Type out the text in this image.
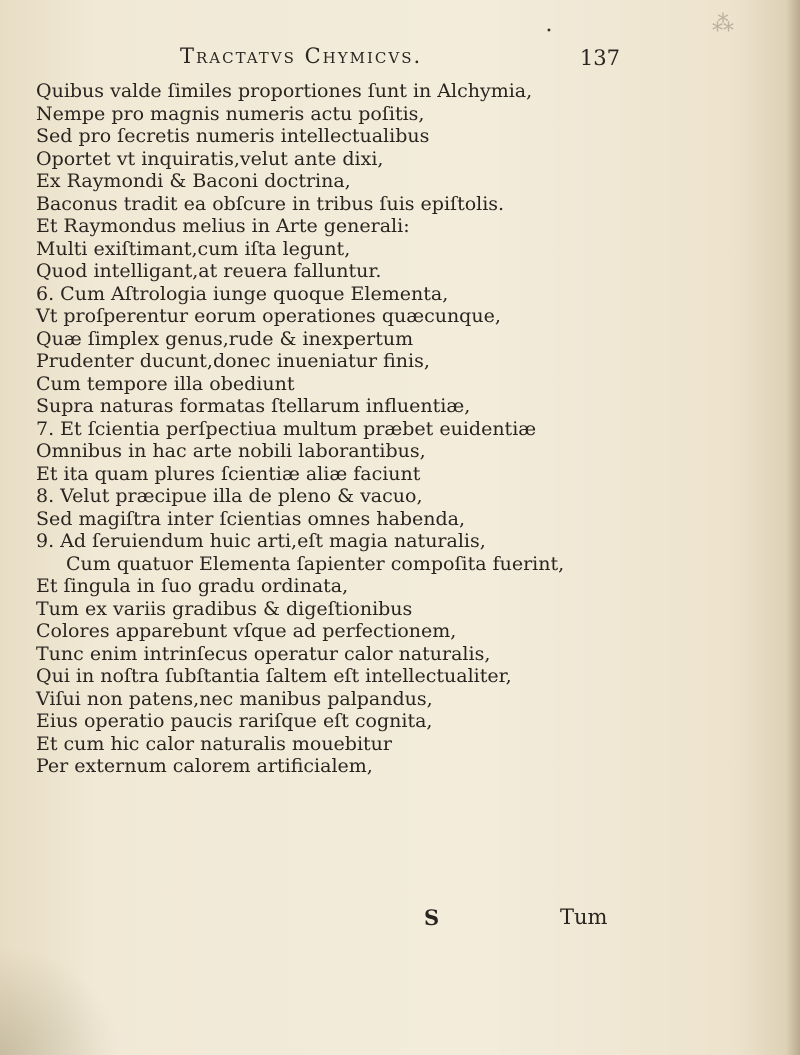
⁂
•
Tractatvs Chymicvs.	137
Quibus valde ſimiles proportiones ſunt in Alchymia,
Nempe pro magnis numeris actu poſitis,
Sed pro ſecretis numeris intellectualibus
Oportet vt inquiratis,velut ante dixi,
Ex Raymondi & Baconi doctrina,
Baconus tradit ea obſcure in tribus ſuis epiſtolis.
Et Raymondus melius in Arte generali:
Multi exiſtimant,cum iſta legunt,
Quod intelligant,at reuera falluntur.
6. Cum Aſtrologia iunge quoque Elementa,
Vt proſperentur eorum operationes quæcunque,
Quæ ſimplex genus,rude & inexpertum
Prudenter ducunt,donec inueniatur finis,
Cum tempore illa obediunt
Supra naturas formatas ſtellarum influentiæ,
7. Et ſcientia perſpectiua multum præbet euidentiæ
Omnibus in hac arte nobili laborantibus,
Et ita quam plures ſcientiæ aliæ faciunt
8. Velut præcipue illa de pleno & vacuo,
Sed magiſtra inter ſcientias omnes habenda,
9. Ad ſeruiendum huic arti,eſt magia naturalis,
Cum quatuor Elementa ſapienter compoſita fuerint,
Et ſingula in ſuo gradu ordinata,
Tum ex variis gradibus & digeſtionibus
Colores apparebunt vſque ad perfectionem,
Tunc enim intrinſecus operatur calor naturalis,
Qui in noſtra ſubſtantia ſaltem eſt intellectualiter,
Viſui non patens,nec manibus palpandus,
Eius operatio paucis rariſque eſt cognita,
Et cum hic calor naturalis mouebitur
Per externum calorem artificialem,
S	Tum
